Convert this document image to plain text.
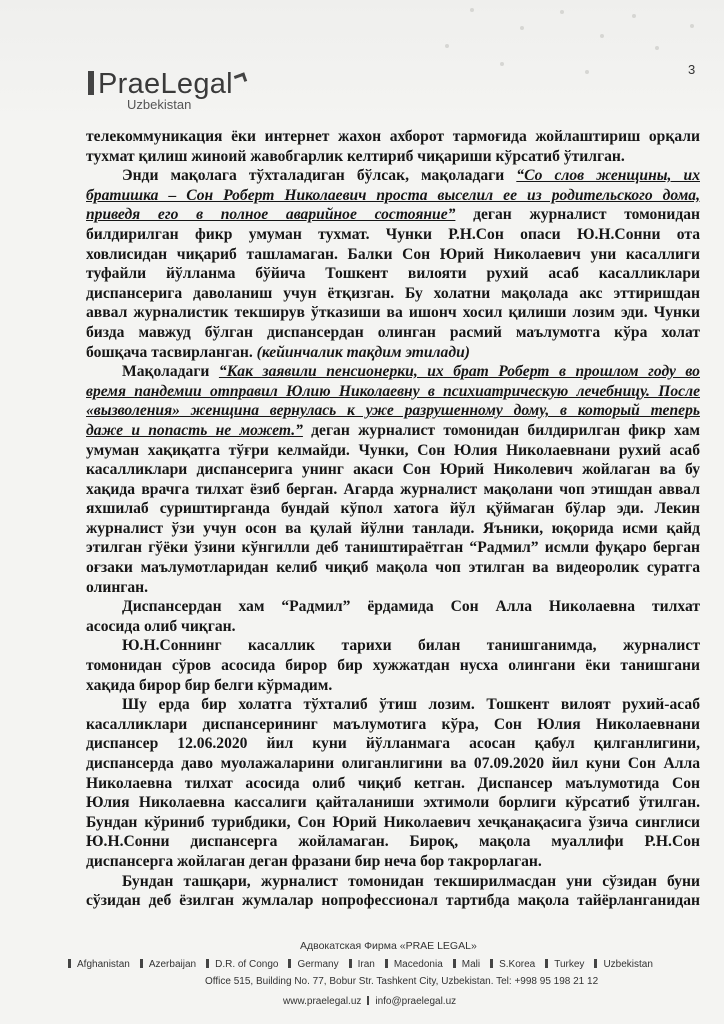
PraeLegal
Uzbekistan
3
телекоммуникация ёки интернет жахон ахборот тармоғида жойлаштириш орқали
тухмат қилиш жиноий жавобгарлик келтириб чиқариши кўрсатиб ўтилган.
Энди мақолага тўхталадиган бўлсак, мақоладаги “Со слов женщины, их
братишка – Сон Роберт Николаевич проста выселил ее из родительского дома,
приведя его в полное аварийное состояние” деган журналист томонидан
билдирилган фикр умуман тухмат. Чунки Р.Н.Сон опаси Ю.Н.Сонни ота
ховлисидан чиқариб ташламаган. Балки Сон Юрий Николаевич уни касаллиги
туфайли йўлланма бўйича Тошкент вилояти рухий асаб касалликлари
диспансерига даволаниш учун ётқизган. Бу холатни мақолада акс эттиришдан
аввал журналистик текширув ўтказиши ва ишонч хосил қилиши лозим эди. Чунки
бизда мавжуд бўлган диспансердан олинган расмий маълумотга кўра холат
бошқача тасвирланган. (кейинчалик тақдим этилади)
Мақоладаги “Как заявили пенсионерки, их брат Роберт в прошлом году во
время пандемии отправил Юлию Николаевну в психиатрическую лечебницу. После
«вызволения» женщина вернулась к уже разрушенному дому, в который теперь
даже и попасть не может.” деган журналист томонидан билдирилган фикр хам
умуман хақиқатга тўғри келмайди. Чунки, Сон Юлия Николаевнани рухий асаб
касалликлари диспансерига унинг акаси Сон Юрий Николевич жойлаган ва бу
хақида врачга тилхат ёзиб берган. Агарда журналист мақолани чоп этишдан аввал
яхшилаб суриштирганда бундай кўпол хатога йўл қўймаган бўлар эди. Лекин
журналист ўзи учун осон ва қулай йўлни танлади. Яъники, юқорида исми қайд
этилган гўёки ўзини кўнгилли деб таништираётган “Радмил” исмли фуқаро берган
оғзаки маълумотларидан келиб чиқиб мақола чоп этилган ва видеоролик суратга
олинган.
Диспансердан хам “Радмил” ёрдамида Сон Алла Николаевна тилхат
асосида олиб чиқган.
Ю.Н.Соннинг касаллик тарихи билан танишганимда, журналист
томонидан сўров асосида бирор бир хужжатдан нусха олингани ёки танишгани
хақида бирор бир белги кўрмадим.
Шу ерда бир холатга тўхталиб ўтиш лозим. Тошкент вилоят рухий-асаб
касалликлари диспансерининг маълумотига кўра, Сон Юлия Николаевнани
диспансер 12.06.2020 йил куни йўлланмага асосан қабул қилганлигини,
диспансерда даво муолажаларини олиганлигини ва 07.09.2020 йил куни Сон Алла
Николаевна тилхат асосида олиб чиқиб кетган. Диспансер маълумотида Сон
Юлия Николаевна кассалиги қайталаниши эхтимоли борлиги кўрсатиб ўтилган.
Бундан кўриниб турибдики, Сон Юрий Николаевич хечқанақасига ўзича синглиси
Ю.Н.Сонни диспансерга жойламаган. Бироқ, мақола муаллифи Р.Н.Сон
диспансерга жойлаган деган фразани бир неча бор такрорлаган.
Бундан ташқари, журналист томонидан текширилмасдан уни сўзидан буни
сўзидан деб ёзилган жумлалар нопрофессионал тартибда мақола тайёрланганидан
Адвокатская Фирма «PRAE LEGAL»
Afghanistan Azerbaijan D.R. of Congo Germany Iran Macedonia Mali S.Korea Turkey Uzbekistan
Office 515, Building No. 77, Bobur Str. Tashkent City, Uzbekistan. Tel: +998 95 198 21 12
www.praelegal.uz info@praelegal.uz
